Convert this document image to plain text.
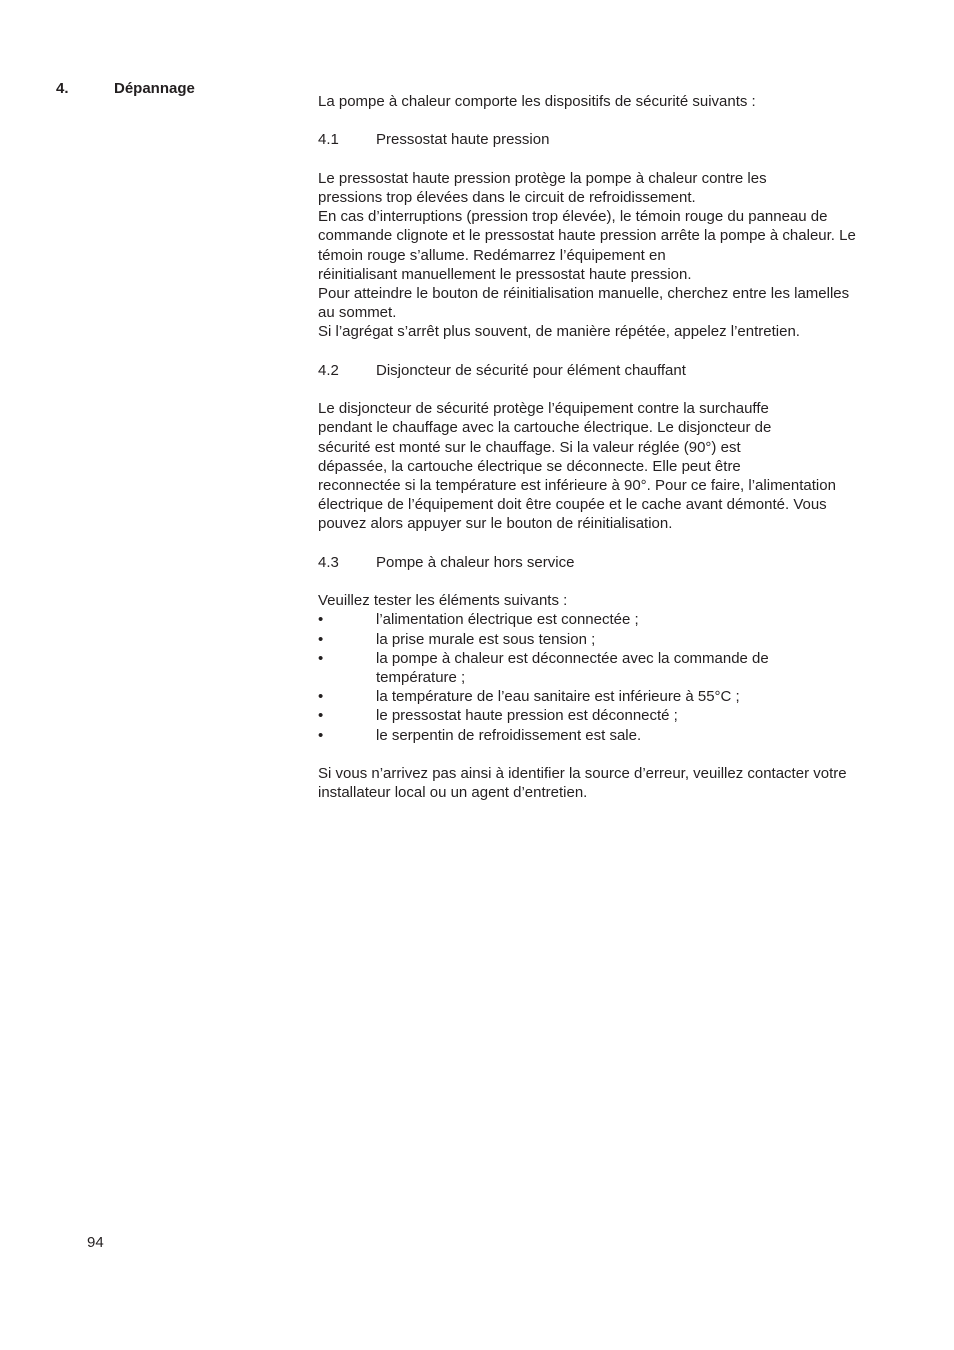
4.	Dépannage

La pompe à chaleur comporte les dispositifs de sécurité suivants :

4.1	Pressostat haute pression

Le pressostat haute pression protège la pompe à chaleur contre les

pressions trop élevées dans le circuit de refroidissement.

En cas d’interruptions (pression trop élevée), le témoin rouge du panneau de

commande clignote et le pressostat haute pression arrête la pompe à chaleur. Le

témoin rouge s’allume. Redémarrez l’équipement en

réinitialisant manuellement le pressostat haute pression.

Pour atteindre le bouton de réinitialisation manuelle, cherchez entre les lamelles

au sommet.

Si l’agrégat s’arrêt plus souvent, de manière répétée, appelez l’entretien.

4.2	Disjoncteur de sécurité pour élément chauffant

Le disjoncteur de sécurité protège l’équipement contre la surchauffe

pendant le chauffage avec la cartouche électrique. Le disjoncteur de

sécurité est monté sur le chauffage. Si la valeur réglée (90°) est

dépassée, la cartouche électrique se déconnecte. Elle peut être

reconnectée si la température est inférieure à 90°. Pour ce faire, l’alimentation

électrique de l’équipement doit être coupée et le cache avant démonté. Vous

pouvez alors appuyer sur le bouton de réinitialisation.

4.3	Pompe à chaleur hors service

Veuillez tester les éléments suivants :

•	l’alimentation électrique est connectée ;
•	la prise murale est sous tension ;
•	la pompe à chaleur est déconnectée avec la commande de température ;
•	la température de l’eau sanitaire est inférieure à 55°C ;
•	le pressostat haute pression est déconnecté ;
•	le serpentin de refroidissement est sale.

Si vous n’arrivez pas ainsi à identifier la source d’erreur, veuillez contacter votre

installateur local ou un agent d’entretien.

94
